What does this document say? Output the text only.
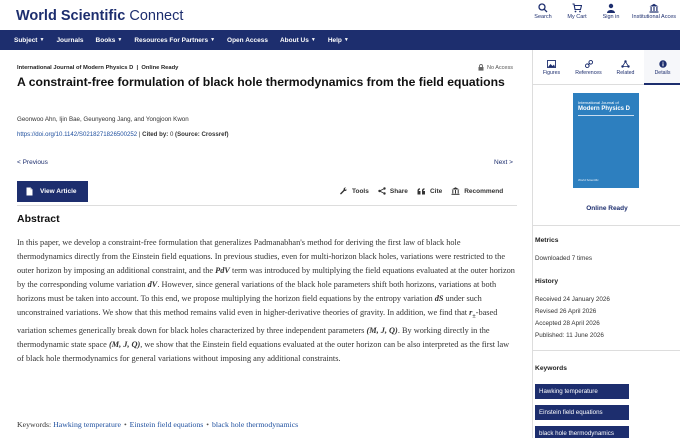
World Scientific Connect	Search	My Cart	Sign in	Institutional Acces
Subject ▼ Journals Books ▼ Resources For Partners ▼ Open Access About Us ▼ Help ▼
International Journal of Modern Physics D  |  Online Ready	No Access
A constraint-free formulation of black hole thermodynamics from the field equations
Geonwoo Ahn, Ijin Bae, Geunyeong Jang, and Yongjoon Kwon
https://doi.org/10.1142/S0218271826500252 | Cited by: 0 (Source: Crossref)
< Previous	Next >
View Article	Tools	Share	Cite	Recommend
Abstract
In this paper, we develop a constraint-free formulation that generalizes Padmanabhan's method for deriving the first law of black hole thermodynamics directly from the Einstein field equations. In previous studies, even for multi-horizon black holes, variations were restricted to the outer horizon by imposing an additional constraint, and the PdV term was introduced by multiplying the field equations evaluated at the outer horizon by the corresponding volume variation dV. However, since general variations of the black hole parameters shift both horizons, variations at both horizons must be taken into account. To this end, we propose multiplying the horizon field equations by the entropy variation dS under such unconstrained variations. We show that this method remains valid even in higher-derivative theories of gravity. In addition, we find that $r_\pm$-based variation schemes generically break down for black holes characterized by three independent parameters (M, J, Q). By working directly in the thermodynamic state space (M, J, Q), we show that the Einstein field equations evaluated at the outer horizon can be also interpreted as the first law of black hole thermodynamics for general variations without imposing any additional constraints.
Keywords: Hawking temperature • Einstein field equations • black hole thermodynamics
Figures	References	Related	Details
International Journal of
Modern Physics D
World Scientific
Online Ready
Metrics
Downloaded 7 times
History
Received 24 January 2026
Revised 26 April 2026
Accepted 28 April 2026
Published: 11 June 2026
Keywords
Hawking temperature
Einstein field equations
black hole thermodynamics
